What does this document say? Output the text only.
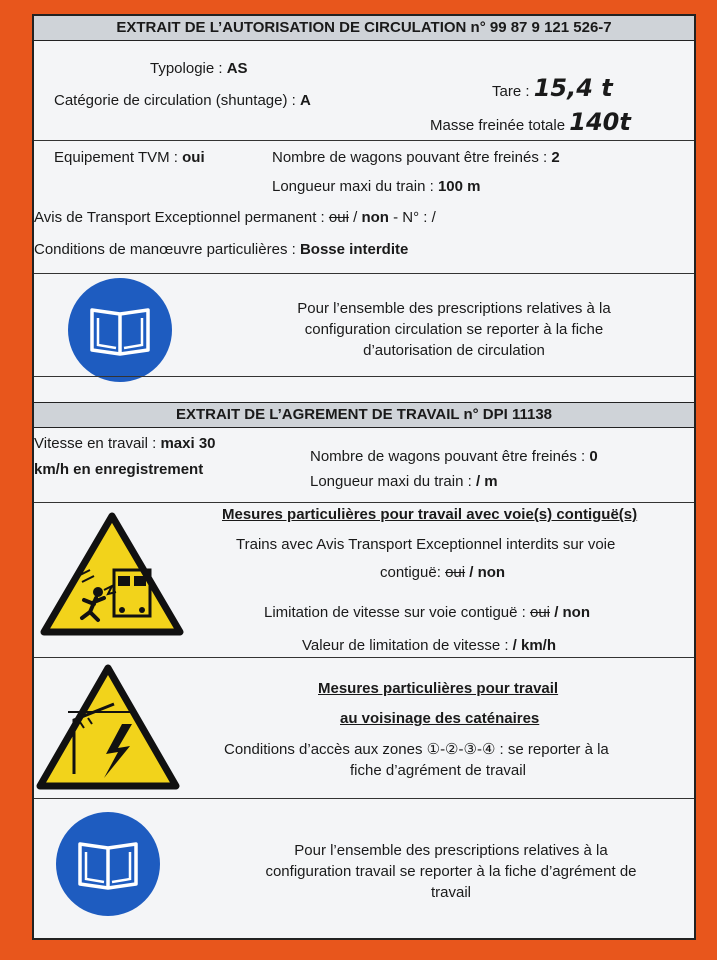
EXTRAIT DE L’AUTORISATION DE CIRCULATION n° 99 87 9 121 526-7
Typologie : AS
Catégorie de circulation (shuntage) : A
Tare : 15,4 t
Masse freinée totale 140t
Equipement TVM : oui	Nombre de wagons pouvant être freinés : 2
Longueur maxi du train : 100 m
Avis de Transport Exceptionnel permanent : oui / non - N° : /
Conditions de manœuvre particulières : Bosse interdite
Pour l’ensemble des prescriptions relatives à la
configuration circulation se reporter à la fiche
d’autorisation de circulation
EXTRAIT DE L’AGREMENT DE TRAVAIL n° DPI 11138
Vitesse en travail : maxi 30
km/h en enregistrement
Nombre de wagons pouvant être freinés : 0
Longueur maxi du train : / m
Mesures particulières pour travail avec voie(s) contiguë(s)
Trains avec Avis Transport Exceptionnel interdits sur voie
contiguë: oui / non
Limitation de vitesse sur voie contiguë : oui / non
Valeur de limitation de vitesse : / km/h
Mesures particulières pour travail
au voisinage des caténaires
Conditions d’accès aux zones ①-②-③-④ : se reporter à la
fiche d’agrément de travail
Pour l’ensemble des prescriptions relatives à la
configuration travail se reporter à la fiche d’agrément de
travail
